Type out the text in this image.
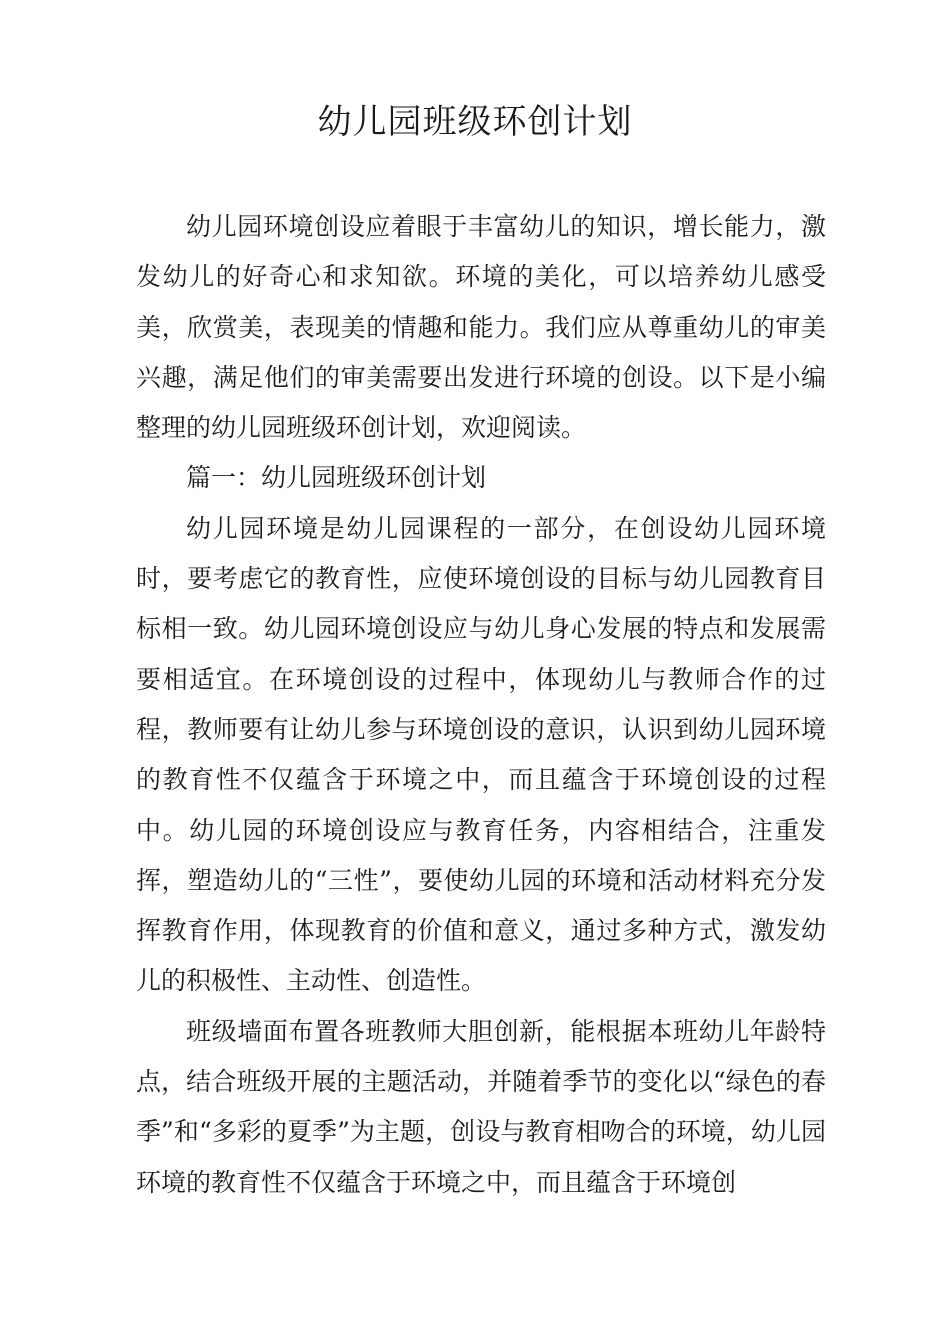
幼儿园班级环创计划

幼儿园环境创设应着眼于丰富幼儿的知识，增长能力，激发幼儿的好奇心和求知欲。环境的美化，可以培养幼儿感受美，欣赏美，表现美的情趣和能力。我们应从尊重幼儿的审美兴趣，满足他们的审美需要出发进行环境的创设。以下是小编整理的幼儿园班级环创计划，欢迎阅读。

篇一：幼儿园班级环创计划

幼儿园环境是幼儿园课程的一部分，在创设幼儿园环境时，要考虑它的教育性，应使环境创设的目标与幼儿园教育目标相一致。幼儿园环境创设应与幼儿身心发展的特点和发展需要相适宜。在环境创设的过程中，体现幼儿与教师合作的过程，教师要有让幼儿参与环境创设的意识，认识到幼儿园环境的教育性不仅蕴含于环境之中，而且蕴含于环境创设的过程中。幼儿园的环境创设应与教育任务，内容相结合，注重发挥，塑造幼儿的“三性”，要使幼儿园的环境和活动材料充分发挥教育作用，体现教育的价值和意义，通过多种方式，激发幼儿的积极性、主动性、创造性。

班级墙面布置各班教师大胆创新，能根据本班幼儿年龄特点，结合班级开展的主题活动，并随着季节的变化以“绿色的春季”和“多彩的夏季”为主题，创设与教育相吻合的环境，幼儿园环境的教育性不仅蕴含于环境之中，而且蕴含于环境创
